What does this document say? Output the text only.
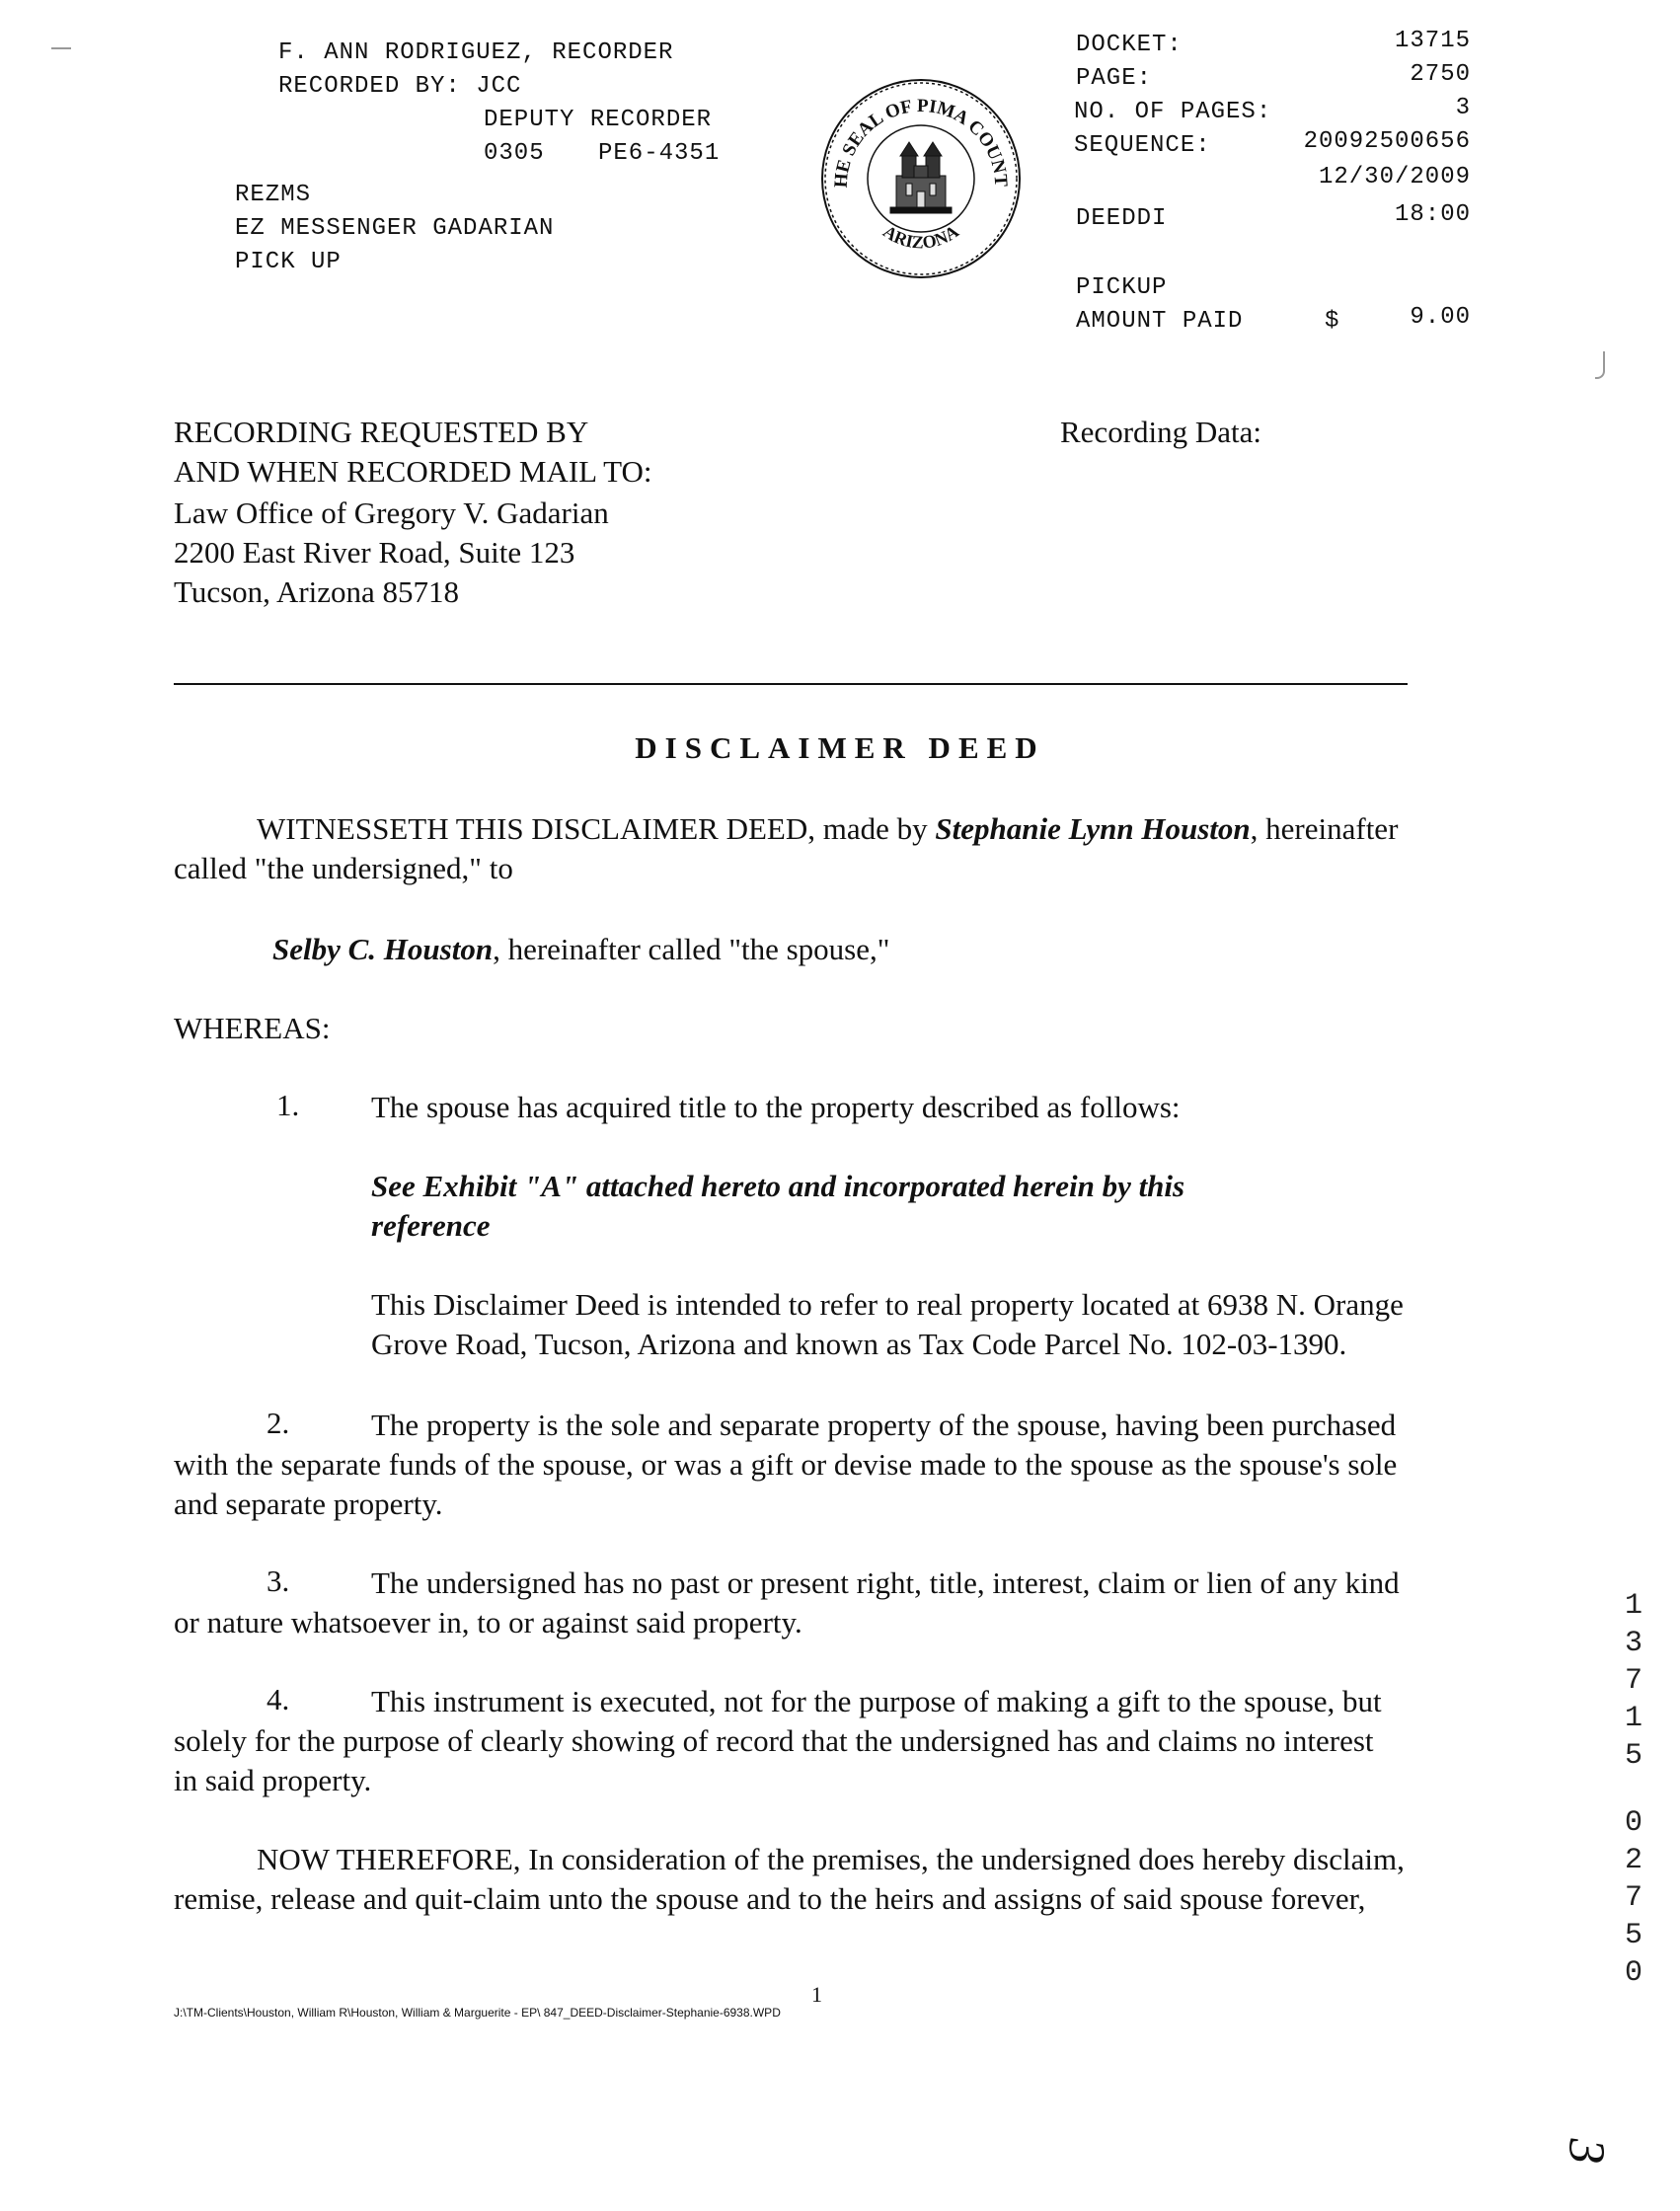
F. ANN RODRIGUEZ, RECORDER
RECORDED BY: JCC
DEPUTY RECORDER
0305 PE6-4351
REZMS
EZ MESSENGER GADARIAN
PICK UP
HE SEAL OF PIMA COUNT
ARIZONA
DOCKET:	13715
PAGE:	2750
NO. OF PAGES:	3
SEQUENCE:	20092500656
12/30/2009
DEEDDI	18:00
PICKUP
AMOUNT PAID	$	9.00
RECORDING REQUESTED BY
AND WHEN RECORDED MAIL TO:
Law Office of Gregory V. Gadarian
2200 East River Road, Suite 123
Tucson, Arizona 85718
Recording Data:
DISCLAIMER DEED
WITNESSETH THIS DISCLAIMER DEED, made by Stephanie Lynn Houston, hereinafter
called "the undersigned," to
Selby C. Houston, hereinafter called "the spouse,"
WHEREAS:
1. The spouse has acquired title to the property described as follows:
See Exhibit "A" attached hereto and incorporated herein by this
reference
This Disclaimer Deed is intended to refer to real property located at 6938 N. Orange
Grove Road, Tucson, Arizona and known as Tax Code Parcel No. 102-03-1390.
2.	The property is the sole and separate property of the spouse, having been purchased
with the separate funds of the spouse, or was a gift or devise made to the spouse as the spouse's sole
and separate property.
3.	The undersigned has no past or present right, title, interest, claim or lien of any kind
or nature whatsoever in, to or against said property.
4.	This instrument is executed, not for the purpose of making a gift to the spouse, but
solely for the purpose of clearly showing of record that the undersigned has and claims no interest
in said property.
NOW THEREFORE, In consideration of the premises, the undersigned does hereby disclaim,
remise, release and quit-claim unto the spouse and to the heirs and assigns of said spouse forever,
J:\TM-Clients\Houston, William R\Houston, William & Marguerite - EP\ 847_DEED-Disclaimer-Stephanie-6938.WPD
1
1
3
7
1
5
0
2
7
5
0
3
